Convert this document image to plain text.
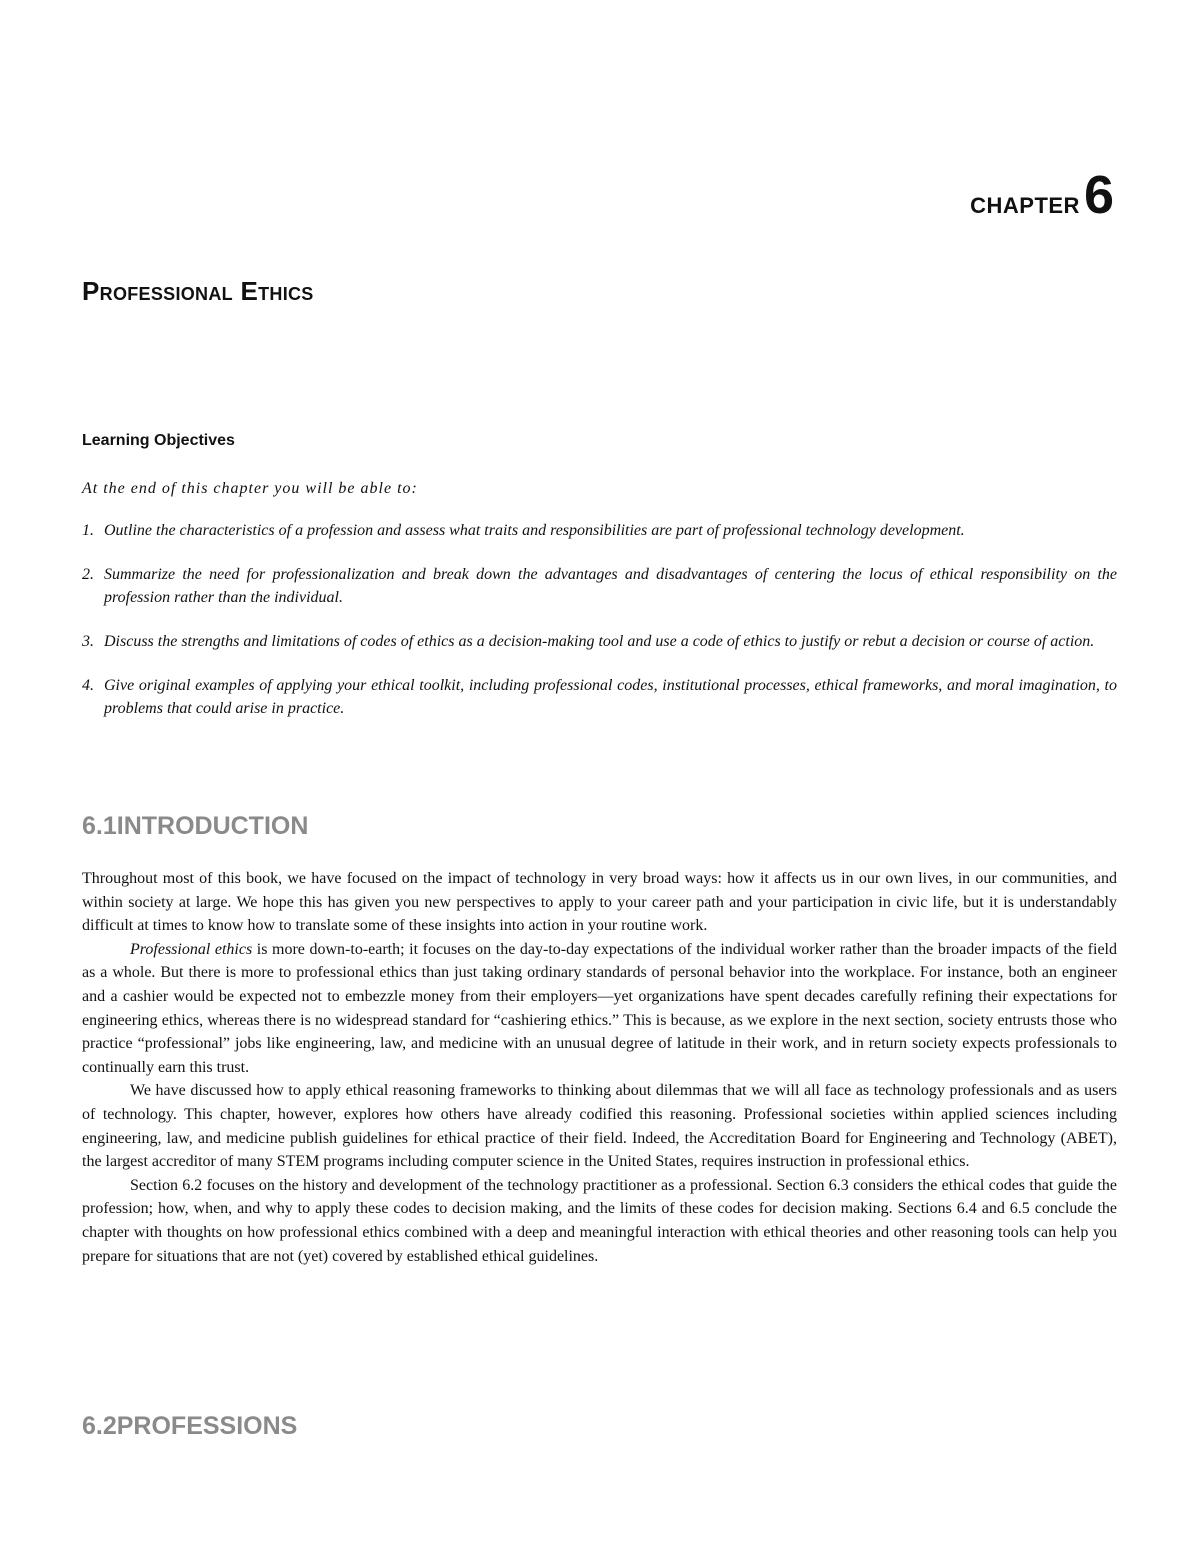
CHAPTER6
Professional Ethics
Learning Objectives
At the end of this chapter you will be able to:
1. Outline the characteristics of a profession and assess what traits and responsibilities are part of professional technology development.
2. Summarize the need for professionalization and break down the advantages and disadvantages of centering the locus of ethical responsibility on the profession rather than the individual.
3. Discuss the strengths and limitations of codes of ethics as a decision-making tool and use a code of ethics to justify or rebut a decision or course of action.
4. Give original examples of applying your ethical toolkit, including professional codes, institutional processes, ethical frameworks, and moral imagination, to problems that could arise in practice.
6.1INTRODUCTION

Throughout most of this book, we have focused on the impact of technology in very broad ways: how it affects us in our own lives, in our communities, and within society at large. We hope this has given you new perspectives to apply to your career path and your participation in civic life, but it is understandably difficult at times to know how to translate some of these insights into action in your routine work.

Professional ethics is more down-to-earth; it focuses on the day-to-day expectations of the individual worker rather than the broader impacts of the field as a whole. But there is more to professional ethics than just taking ordinary standards of personal behavior into the workplace. For instance, both an engineer and a cashier would be expected not to embezzle money from their employers—yet organizations have spent decades carefully refining their expectations for engineering ethics, whereas there is no widespread standard for “cashiering ethics.” This is because, as we explore in the next section, society entrusts those who practice “professional” jobs like engineering, law, and medicine with an unusual degree of latitude in their work, and in return society expects professionals to continually earn this trust.

We have discussed how to apply ethical reasoning frameworks to thinking about dilemmas that we will all face as technology professionals and as users of technology. This chapter, however, explores how others have already codified this reasoning. Professional societies within applied sciences including engineering, law, and medicine publish guidelines for ethical practice of their field. Indeed, the Accreditation Board for Engineering and Technology (ABET), the largest accreditor of many STEM programs including computer science in the United States, requires instruction in professional ethics.

Section 6.2 focuses on the history and development of the technology practitioner as a professional. Section 6.3 considers the ethical codes that guide the profession; how, when, and why to apply these codes to decision making, and the limits of these codes for decision making. Sections 6.4 and 6.5 conclude the chapter with thoughts on how professional ethics combined with a deep and meaningful interaction with ethical theories and other reasoning tools can help you prepare for situations that are not (yet) covered by established ethical guidelines.

6.2PROFESSIONS
